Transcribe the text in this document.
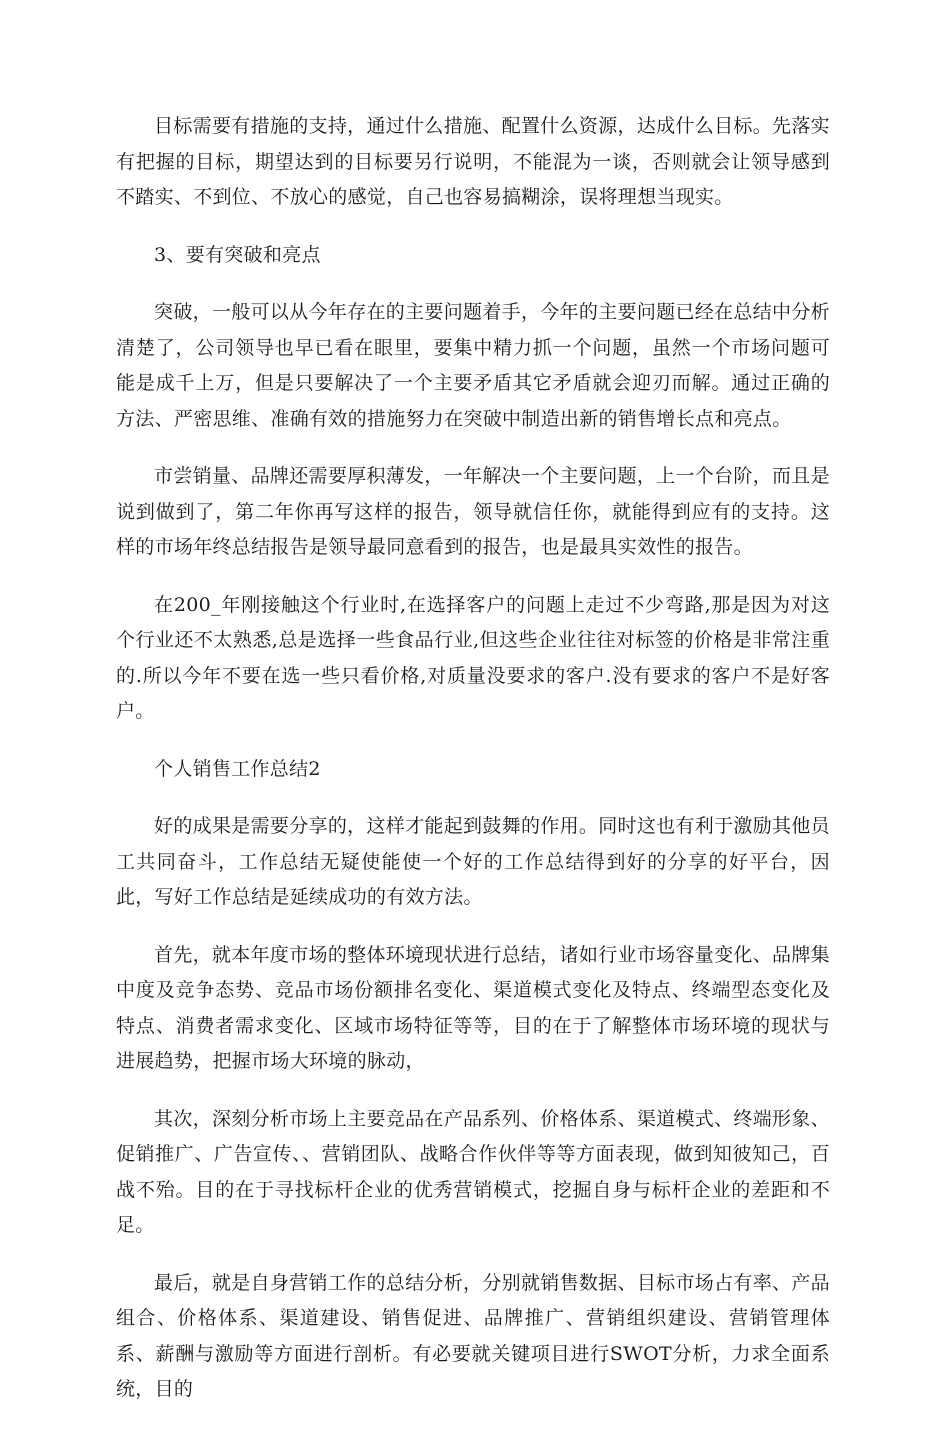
目标需要有措施的支持，通过什么措施、配置什么资源，达成什么目标。先落实有把握的目标，期望达到的目标要另行说明，不能混为一谈，否则就会让领导感到不踏实、不到位、不放心的感觉，自己也容易搞糊涂，误将理想当现实。

3、要有突破和亮点

突破，一般可以从今年存在的主要问题着手，今年的主要问题已经在总结中分析清楚了，公司领导也早已看在眼里，要集中精力抓一个问题，虽然一个市场问题可能是成千上万，但是只要解决了一个主要矛盾其它矛盾就会迎刃而解。通过正确的方法、严密思维、准确有效的措施努力在突破中制造出新的销售增长点和亮点。

市尝销量、品牌还需要厚积薄发，一年解决一个主要问题，上一个台阶，而且是说到做到了，第二年你再写这样的报告，领导就信任你，就能得到应有的支持。这样的市场年终总结报告是领导最同意看到的报告，也是最具实效性的报告。

在200_年刚接触这个行业时,在选择客户的问题上走过不少弯路,那是因为对这个行业还不太熟悉,总是选择一些食品行业,但这些企业往往对标签的价格是非常注重的.所以今年不要在选一些只看价格,对质量没要求的客户.没有要求的客户不是好客户。

个人销售工作总结2

好的成果是需要分享的，这样才能起到鼓舞的作用。同时这也有利于激励其他员工共同奋斗，工作总结无疑使能使一个好的工作总结得到好的分享的好平台，因此，写好工作总结是延续成功的有效方法。

首先，就本年度市场的整体环境现状进行总结，诸如行业市场容量变化、品牌集中度及竞争态势、竞品市场份额排名变化、渠道模式变化及特点、终端型态变化及特点、消费者需求变化、区域市场特征等等，目的在于了解整体市场环境的现状与进展趋势，把握市场大环境的脉动，

其次，深刻分析市场上主要竞品在产品系列、价格体系、渠道模式、终端形象、促销推广、广告宣传、、营销团队、战略合作伙伴等等方面表现，做到知彼知己，百战不殆。目的在于寻找标杆企业的优秀营销模式，挖掘自身与标杆企业的差距和不足。

最后，就是自身营销工作的总结分析，分别就销售数据、目标市场占有率、产品组合、价格体系、渠道建设、销售促进、品牌推广、营销组织建设、营销管理体系、薪酬与激励等方面进行剖析。有必要就关键项目进行SWOT分析，力求全面系统，目的
